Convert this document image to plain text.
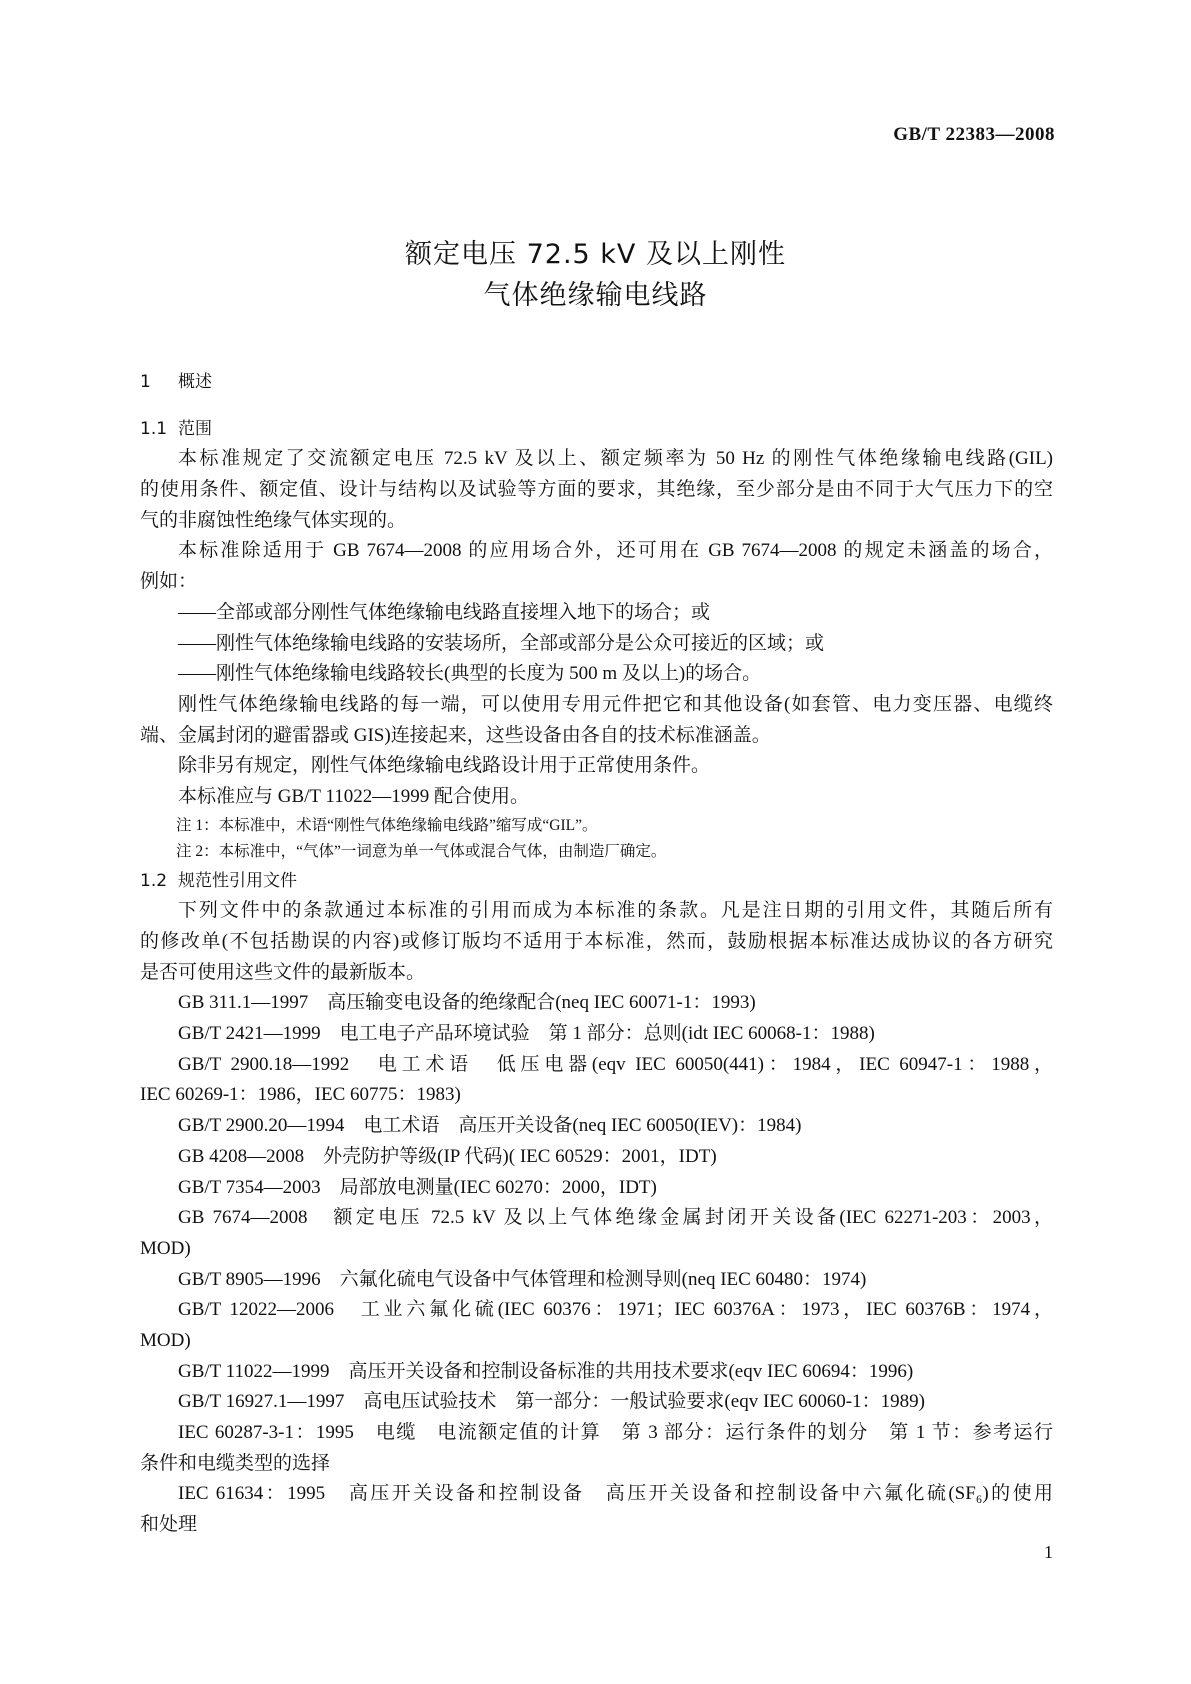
GB/T 22383—2008
额定电压 72.5 kV 及以上刚性
气体绝缘输电线路
1 概述
1.1 范围
本标准规定了交流额定电压 72.5 kV 及以上、额定频率为 50 Hz 的刚性气体绝缘输电线路(GIL)
的使用条件、额定值、设计与结构以及试验等方面的要求，其绝缘，至少部分是由不同于大气压力下的空
气的非腐蚀性绝缘气体实现的。
本标准除适用于 GB 7674—2008 的应用场合外，还可用在 GB 7674—2008 的规定未涵盖的场合，
例如：
——全部或部分刚性气体绝缘输电线路直接埋入地下的场合；或
——刚性气体绝缘输电线路的安装场所，全部或部分是公众可接近的区域；或
——刚性气体绝缘输电线路较长(典型的长度为 500 m 及以上)的场合。
刚性气体绝缘输电线路的每一端，可以使用专用元件把它和其他设备(如套管、电力变压器、电缆终
端、金属封闭的避雷器或 GIS)连接起来，这些设备由各自的技术标准涵盖。
除非另有规定，刚性气体绝缘输电线路设计用于正常使用条件。
本标准应与 GB/T 11022—1999 配合使用。
注 1：本标准中，术语“刚性气体绝缘输电线路”缩写成“GIL”。
注 2：本标准中，“气体”一词意为单一气体或混合气体，由制造厂确定。
1.2 规范性引用文件
下列文件中的条款通过本标准的引用而成为本标准的条款。凡是注日期的引用文件，其随后所有
的修改单(不包括勘误的内容)或修订版均不适用于本标准，然而，鼓励根据本标准达成协议的各方研究
是否可使用这些文件的最新版本。
GB 311.1—1997　高压输变电设备的绝缘配合(neq IEC 60071-1：1993)
GB/T 2421—1999　电工电子产品环境试验　第 1 部分：总则(idt IEC 60068-1：1988)
GB/T 2900.18—1992　电工术语　低压电器(eqv IEC 60050(441)：1984，IEC 60947-1：1988，
IEC 60269-1：1986，IEC 60775：1983)
GB/T 2900.20—1994　电工术语　高压开关设备(neq IEC 60050(IEV)：1984)
GB 4208—2008　外壳防护等级(IP 代码)( IEC 60529：2001，IDT)
GB/T 7354—2003　局部放电测量(IEC 60270：2000，IDT)
GB 7674—2008　额定电压 72.5 kV 及以上气体绝缘金属封闭开关设备(IEC 62271-203：2003，
MOD)
GB/T 8905—1996　六氟化硫电气设备中气体管理和检测导则(neq IEC 60480：1974)
GB/T 12022—2006　工业六氟化硫(IEC 60376：1971；IEC 60376A：1973，IEC 60376B：1974，
MOD)
GB/T 11022—1999　高压开关设备和控制设备标准的共用技术要求(eqv IEC 60694：1996)
GB/T 16927.1—1997　高电压试验技术　第一部分：一般试验要求(eqv IEC 60060-1：1989)
IEC 60287-3-1：1995　电缆　电流额定值的计算　第 3 部分：运行条件的划分　第 1 节：参考运行
条件和电缆类型的选择
IEC 61634：1995　高压开关设备和控制设备　高压开关设备和控制设备中六氟化硫(SF₆)的使用
和处理
1
